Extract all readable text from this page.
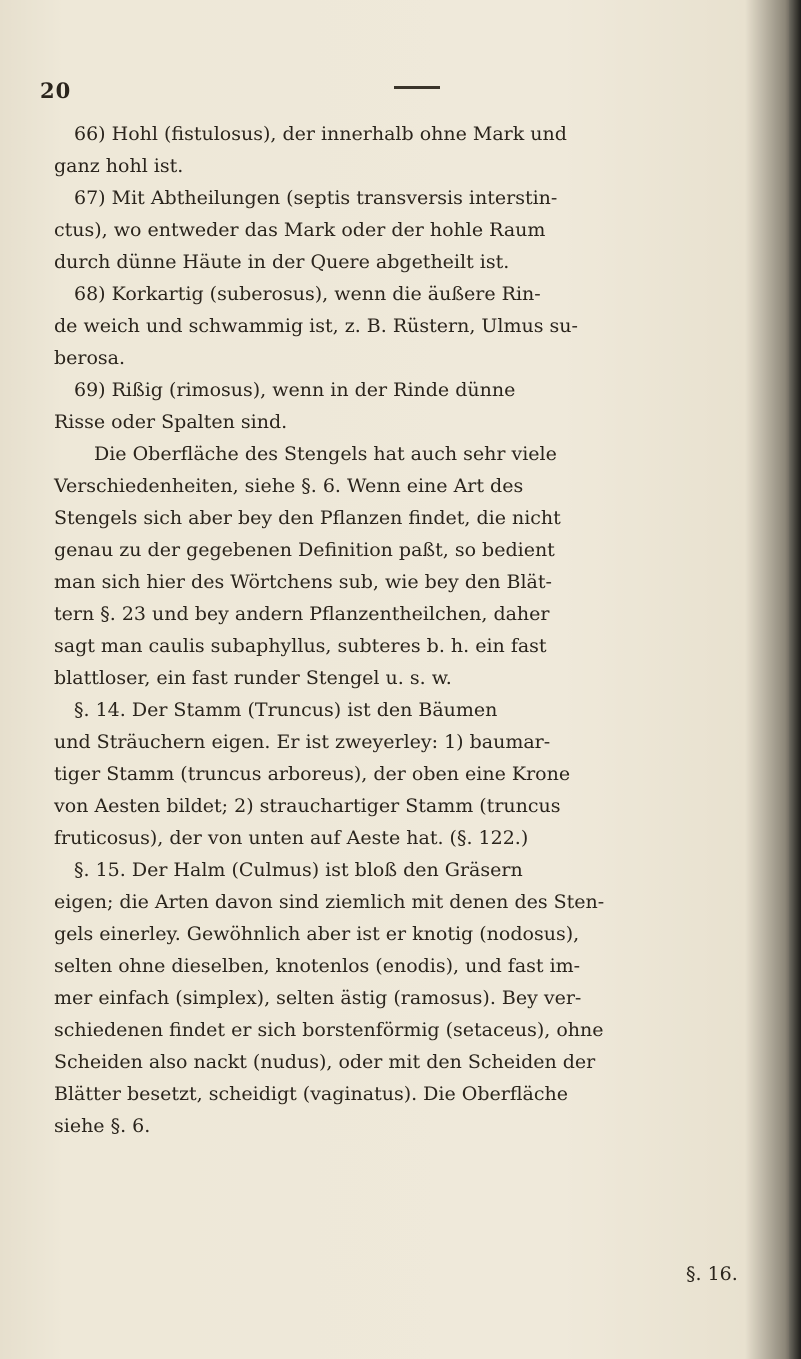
20
66) Hohl (fistulosus), der innerhalb ohne Mark und
ganz hohl ist.
67) Mit Abtheilungen (septis transversis interstin-
ctus), wo entweder das Mark oder der hohle Raum
durch dünne Häute in der Quere abgetheilt ist.
68) Korkartig (suberosus), wenn die äußere Rin-
de weich und schwammig ist, z. B. Rüstern, Ulmus su-
berosa.
69) Rißig (rimosus), wenn in der Rinde dünne
Risse oder Spalten sind.
Die Oberfläche des Stengels hat auch sehr viele
Verschiedenheiten, siehe §. 6. Wenn eine Art des
Stengels sich aber bey den Pflanzen findet, die nicht
genau zu der gegebenen Definition paßt, so bedient
man sich hier des Wörtchens sub, wie bey den Blät-
tern §. 23 und bey andern Pflanzentheilchen, daher
sagt man caulis subaphyllus, subteres b. h. ein fast
blattloser, ein fast runder Stengel u. s. w.
§. 14. Der Stamm (Truncus) ist den Bäumen
und Sträuchern eigen. Er ist zweyerley: 1) baumar-
tiger Stamm (truncus arboreus), der oben eine Krone
von Aesten bildet; 2) strauchartiger Stamm (truncus
fruticosus), der von unten auf Aeste hat. (§. 122.)
§. 15. Der Halm (Culmus) ist bloß den Gräsern
eigen; die Arten davon sind ziemlich mit denen des Sten-
gels einerley. Gewöhnlich aber ist er knotig (nodosus),
selten ohne dieselben, knotenlos (enodis), und fast im-
mer einfach (simplex), selten ästig (ramosus). Bey ver-
schiedenen findet er sich borstenförmig (setaceus), ohne
Scheiden also nackt (nudus), oder mit den Scheiden der
Blätter besetzt, scheidigt (vaginatus). Die Oberfläche
siehe §. 6.
§. 16.
